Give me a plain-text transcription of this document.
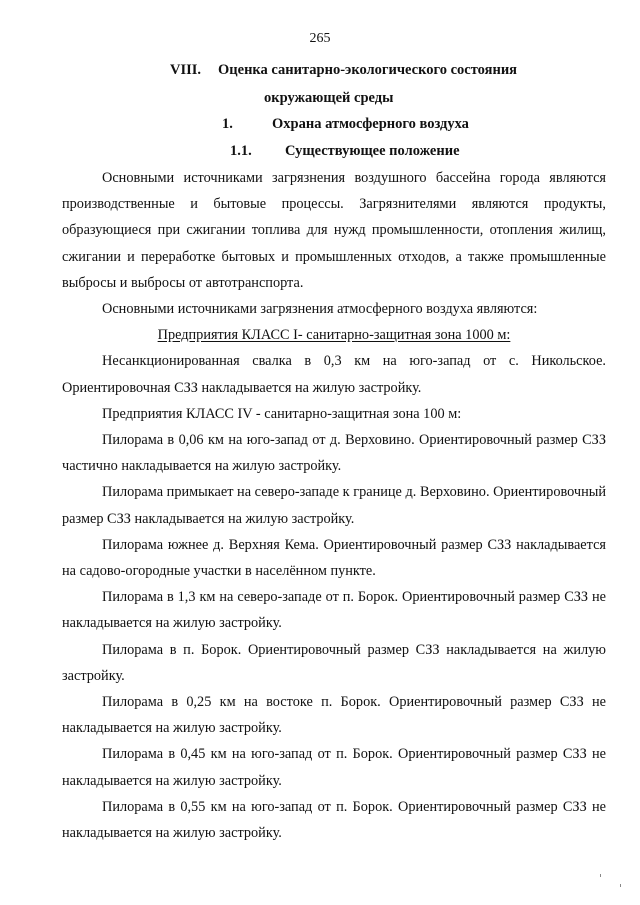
265
VIII. Оценка санитарно-экологического состояния
окружающей среды
1.	Охрана атмосферного воздуха
1.1. Существующее положение

Основными источниками загрязнения воздушного бассейна города являются производственные и бытовые процессы. Загрязнителями являются продукты, образующиеся при сжигании топлива для нужд промышленности, отопления жилищ, сжигании и переработке бытовых и промышленных отходов, а также промышленные выбросы и выбросы от автотранспорта.

Основными источниками загрязнения атмосферного воздуха являются:

Предприятия КЛАСС I- санитарно-защитная зона 1000 м:

Несанкционированная свалка в 0,3 км на юго-запад от с. Никольское. Ориентировочная СЗЗ накладывается на жилую застройку.

Предприятия КЛАСС IV - санитарно-защитная зона 100 м:

Пилорама в 0,06 км на юго-запад от д. Верховино. Ориентировочный размер СЗЗ частично накладывается на жилую застройку.

Пилорама примыкает на северо-западе к границе д. Верховино. Ориентировочный размер СЗЗ накладывается на жилую застройку.

Пилорама южнее д. Верхняя Кема. Ориентировочный размер СЗЗ накладывается на садово-огородные участки в населённом пункте.

Пилорама в 1,3 км на северо-западе от п. Борок. Ориентировочный размер СЗЗ не накладывается на жилую застройку.

Пилорама в п. Борок. Ориентировочный размер СЗЗ накладывается на жилую застройку.

Пилорама в 0,25 км на востоке п. Борок. Ориентировочный размер СЗЗ не накладывается на жилую застройку.

Пилорама в 0,45 км на юго-запад от п. Борок. Ориентировочный размер СЗЗ не накладывается на жилую застройку.

Пилорама в 0,55 км на юго-запад от п. Борок. Ориентировочный размер СЗЗ не накладывается на жилую застройку.
